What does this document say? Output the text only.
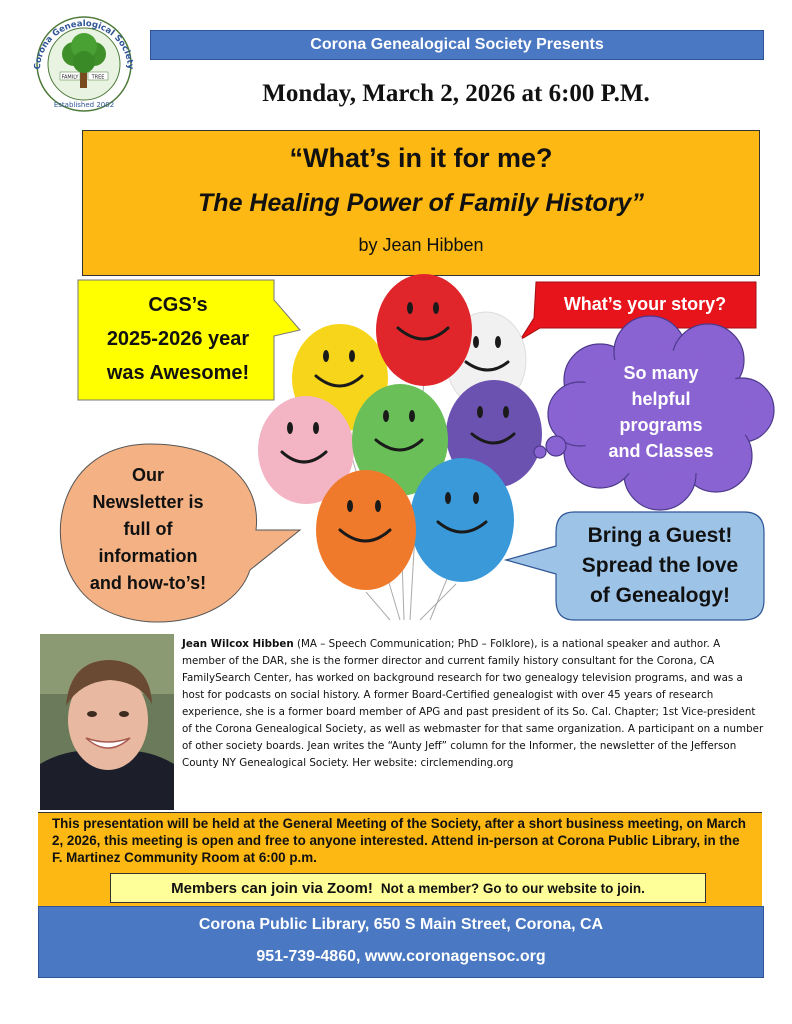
Corona Genealogical Society
FAMILY	TREE
Established 2002
Corona Genealogical Society Presents
Monday, March 2, 2026 at 6:00 P.M.
“What’s in it for me?
The Healing Power of Family History”
by Jean Hibben
CGS’s
2025-2026 year
was Awesome!
What’s your story?
So many
helpful
programs
and Classes
Our
Newsletter is
full of
information
and how-to’s!
Bring a Guest!
Spread the love
of Genealogy!
Jean Wilcox Hibben (MA – Speech Communication; PhD – Folklore), is a national speaker and author. A member of the DAR, she is the former director and current family history consultant for the Corona, CA FamilySearch Center, has worked on background research for two genealogy television programs, and was a host for podcasts on social history. A former Board-Certified genealogist with over 45 years of research experience, she is a former board member of APG and past president of its So. Cal. Chapter; 1st Vice-president of the Corona Genealogical Society, as well as webmaster for that same organization. A participant on a number of other society boards. Jean writes the “Aunty Jeff” column for the Informer, the newsletter of the Jefferson County NY Genealogical Society. Her website: circlemending.org
This presentation will be held at the General Meeting of the Society, after a short business meeting, on March 2, 2026, this meeting is open and free to anyone interested. Attend in-person at Corona Public Library, in the F. Martinez Community Room at 6:00 p.m.
Members can join via Zoom! Not a member? Go to our website to join.
Corona Public Library, 650 S Main Street, Corona, CA
951-739-4860, www.coronagensoc.org
